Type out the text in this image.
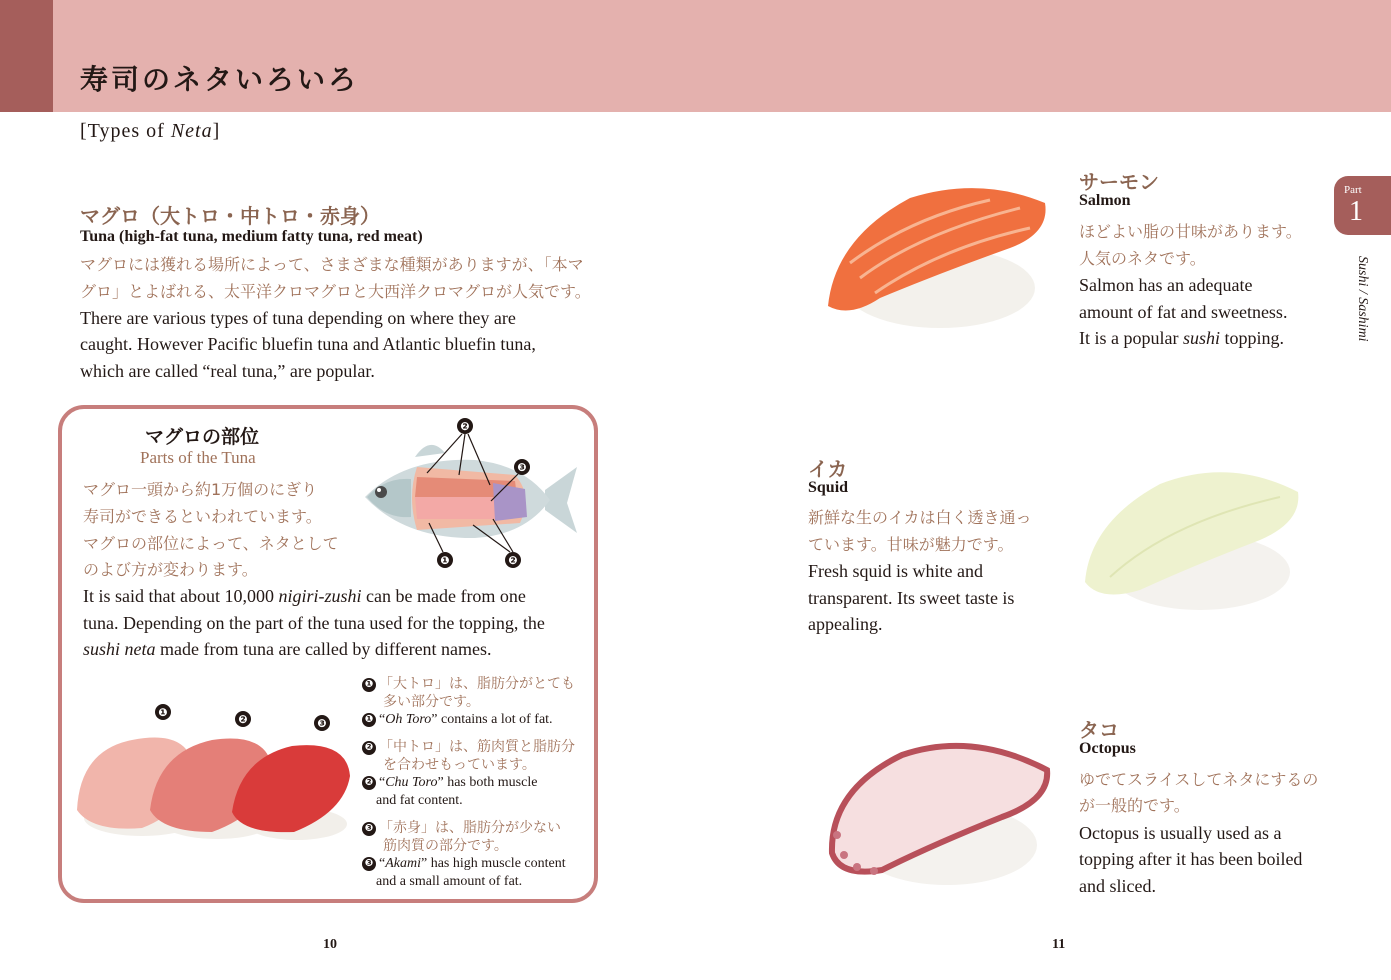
寿司のネタいろいろ
[Types of Neta]
マグロ（大トロ・中トロ・赤身）
Tuna (high-fat tuna, medium fatty tuna, red meat)
マグロには獲れる場所によって、さまざまな種類がありますが、「本マ
グロ」とよばれる、太平洋クロマグロと大西洋クロマグロが人気です。
There are various types of tuna depending on where they are
caught. However Pacific bluefin tuna and Atlantic bluefin tuna,
which are called “real tuna,” are popular.
マグロの部位
Parts of the Tuna
マグロ一頭から約1万個のにぎり
寿司ができるといわれています。
マグロの部位によって、ネタとして
のよび方が変わります。
It is said that about 10,000 nigiri-zushi can be made from one
tuna. Depending on the part of the tuna used for the topping, the
sushi neta made from tuna are called by different names.
❷
❸
❶	❷
❶
❷	❸
❶ 「大トロ」は、脂肪分がとても
多い部分です。
❶ “Oh Toro” contains a lot of fat.
❷ 「中トロ」は、筋肉質と脂肪分
を合わせもっています。
❷ “Chu Toro” has both muscle
and fat content.
❸ 「赤身」は、脂肪分が少ない
筋肉質の部分です。
❸ “Akami” has high muscle content
and a small amount of fat.
サーモン
Salmon
ほどよい脂の甘味があります。
人気のネタです。
Salmon has an adequate
amount of fat and sweetness.
It is a popular sushi topping.
イカ
Squid
新鮮な生のイカは白く透き通っ
ています。甘味が魅力です。
Fresh squid is white and
transparent. Its sweet taste is
appealing.
タコ
Octopus
ゆでてスライスしてネタにするの
が一般的です。
Octopus is usually used as a
topping after it has been boiled
and sliced.
Part
1
Sushi / Sashimi
10	11
